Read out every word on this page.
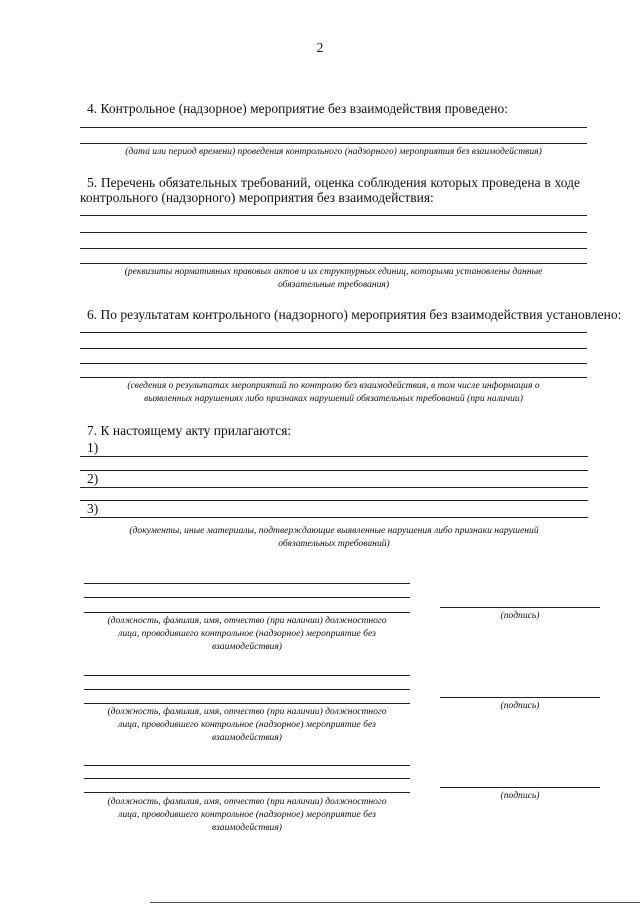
2
4. Контрольное (надзорное) мероприятие без взаимодействия проведено:
(дата или период времени) проведения контрольного (надзорного) мероприятия без взаимодействия)
5. Перечень обязательных требований, оценка соблюдения которых проведена в ходе
контрольного (надзорного) мероприятия без взаимодействия:
(реквизиты нормативных правовых актов и их структурных единиц, которыми установлены данные
обязательные требования)
6. По результатам контрольного (надзорного) мероприятия без взаимодействия установлено:
(сведения о результатах мероприятий по контролю без взаимодействия, в том числе информация о
выявленных нарушениях либо признаках нарушений обязательных требований (при наличии)
7. К настоящему акту прилагаются:
1)
2)
3)
(документы, иные материалы, подтверждающие выявленные нарушения либо признаки нарушений
обязательных требований)
(должность, фамилия, имя, отчество (при наличии) должностного
лица, проводившего контрольное (надзорное) мероприятие без
взаимодействия)
(подпись)
(должность, фамилия, имя, отчество (при наличии) должностного
лица, проводившего контрольное (надзорное) мероприятие без
взаимодействия)
(подпись)
(должность, фамилия, имя, отчество (при наличии) должностного
лица, проводившего контрольное (надзорное) мероприятие без
взаимодействия)
(подпись)
